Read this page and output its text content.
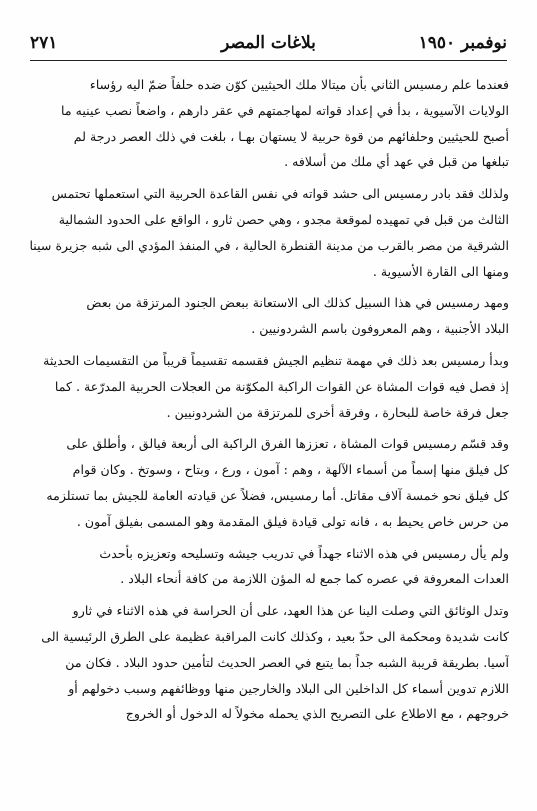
نوفمبر ١٩٥٠
بلاغات المصر
٢٧١
فعندما علم رمسيس الثاني بأن ميتالا ملك الحيثيين كوّن ضده حلفاً ضمّ اليه رؤساء
الولايات الآسيوية ، بدأ في إعداد قواته لمهاجمتهم في عقر دارهم ، واضعاً نصب عينيه ما
أصبح للحيثيين وحلفائهم من قوة حربية لا يستهان بهـا ، بلغت في ذلك العصر درجة لم
تبلغها من قبل في عهد أي ملك من أسلافه .
ولذلك فقد بادر رمسيس الى حشد قواته في نفس القاعدة الحربية التي استعملها تحتمس
الثالث من قبل في تمهيده لموقعة مجدو ، وهي حصن ثارو ، الواقع على الحدود الشمالية
الشرقية من مصر بالقرب من مدينة القنطرة الحالية ، في المنفذ المؤدي الى شبه جزيرة سينا
ومنها الى القارة الأسيوية .
ومهد رمسيس في هذا السبيل كذلك الى الاستعانة ببعض الجنود المرتزقة من بعض
البلاد الأجنبية ، وهم المعروفون باسم الشردونيين .
وبدأ رمسيس بعد ذلك في مهمة تنظيم الجيش فقسمه تقسيماً قريباً من التقسيمات الحديثة
إذ فصل فيه قوات المشاة عن القوات الراكبة المكوّنة من العجلات الحربية المدرّعة . كما
جعل فرقة خاصة للبحارة ، وفرقة أخرى للمرتزقة من الشردونيين .
وقد قسّم رمسيس قوات المشاة ، تعززها الفرق الراكبة الى أربعة فيالق ، وأطلق على
كل فيلق منها إسماً من أسماء الآلهة ، وهم : آمون ، ورع ، وبتاح ، وسوتخ . وكان قوام
كل فيلق نحو خمسة آلاف مقاتل. أما رمسيس، فضلاً عن قيادته العامة للجيش بما تستلزمه
من حرس خاص يحيط به ، فانه تولى قيادة فيلق المقدمة وهو المسمى بفيلق آمون .
ولم يأل رمسيس في هذه الاثناء جهداً في تدريب جيشه وتسليحه وتعزيزه بأحدث
العدات المعروفة في عصره كما جمع له المؤن اللازمة من كافة أنحاء البلاد .
وتدل الوثائق التي وصلت الينا عن هذا العهد، على أن الحراسة في هذه الاثناء في ثارو
كانت شديدة ومحكمة الى حدّ بعيد ، وكذلك كانت المراقبة عظيمة على الطرق الرئيسية الى
آسيا. بطريقة قريبة الشبه جداً بما يتبع في العصر الحديث لتأمين حدود البلاد . فكان من
اللازم تدوين أسماء كل الداخلين الى البلاد والخارجين منها ووظائفهم وسبب دخولهم أو
خروجهم ، مع الاطلاع على التصريح الذي يحمله مخولاً له الدخول أو الخروج
